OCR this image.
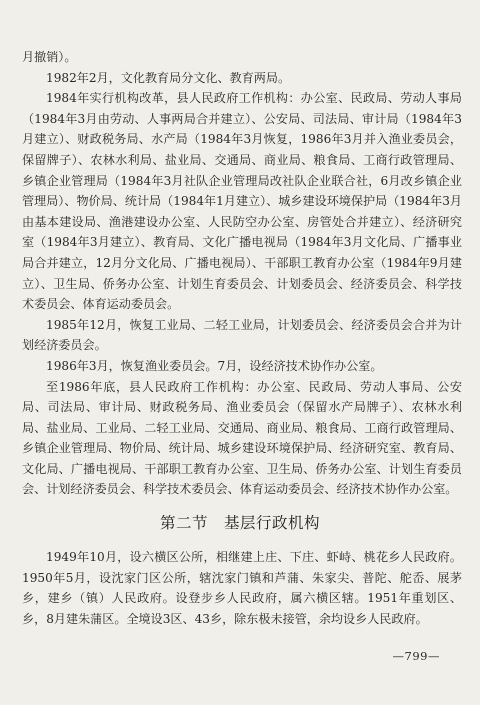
月撤销）。

1982年2月，文化教育局分文化、教育两局。

1984年实行机构改革，县人民政府工作机构：办公室、民政局、劳动人事局（1984年3月由劳动、人事两局合并建立）、公安局、司法局、审计局（1984年3月建立）、财政税务局、水产局（1984年3月恢复，1986年3月并入渔业委员会，保留牌子）、农林水利局、盐业局、交通局、商业局、粮食局、工商行政管理局、乡镇企业管理局（1984年3月社队企业管理局改社队企业联合社，6月改乡镇企业管理局）、物价局、统计局（1984年1月建立）、城乡建设环境保护局（1984年3月由基本建设局、渔港建设办公室、人民防空办公室、房管处合并建立）、经济研究室（1984年3月建立）、教育局、文化广播电视局（1984年3月文化局、广播事业局合并建立，12月分文化局、广播电视局）、干部职工教育办公室（1984年9月建立）、卫生局、侨务办公室、计划生育委员会、计划委员会、经济委员会、科学技术委员会、体育运动委员会。

1985年12月，恢复工业局、二轻工业局，计划委员会、经济委员会合并为计划经济委员会。

1986年3月，恢复渔业委员会。7月，设经济技术协作办公室。

至1986年底，县人民政府工作机构：办公室、民政局、劳动人事局、公安局、司法局、审计局、财政税务局、渔业委员会（保留水产局牌子）、农林水利局、盐业局、工业局、二轻工业局、交通局、商业局、粮食局、工商行政管理局、乡镇企业管理局、物价局、统计局、城乡建设环境保护局、经济研究室、教育局、文化局、广播电视局、干部职工教育办公室、卫生局、侨务办公室、计划生育委员会、计划经济委员会、科学技术委员会、体育运动委员会、经济技术协作办公室。

第二节 基层行政机构

1949年10月，设六横区公所，相继建上庄、下庄、虾峙、桃花乡人民政府。1950年5月，设沈家门区公所，辖沈家门镇和芦蒲、朱家尖、普陀、舵岙、展茅乡，建乡（镇）人民政府。设登步乡人民政府，属六横区辖。1951年重划区、乡，8月建朱蒲区。全境设3区、43乡，除东极未接管，余均设乡人民政府。

—799—
